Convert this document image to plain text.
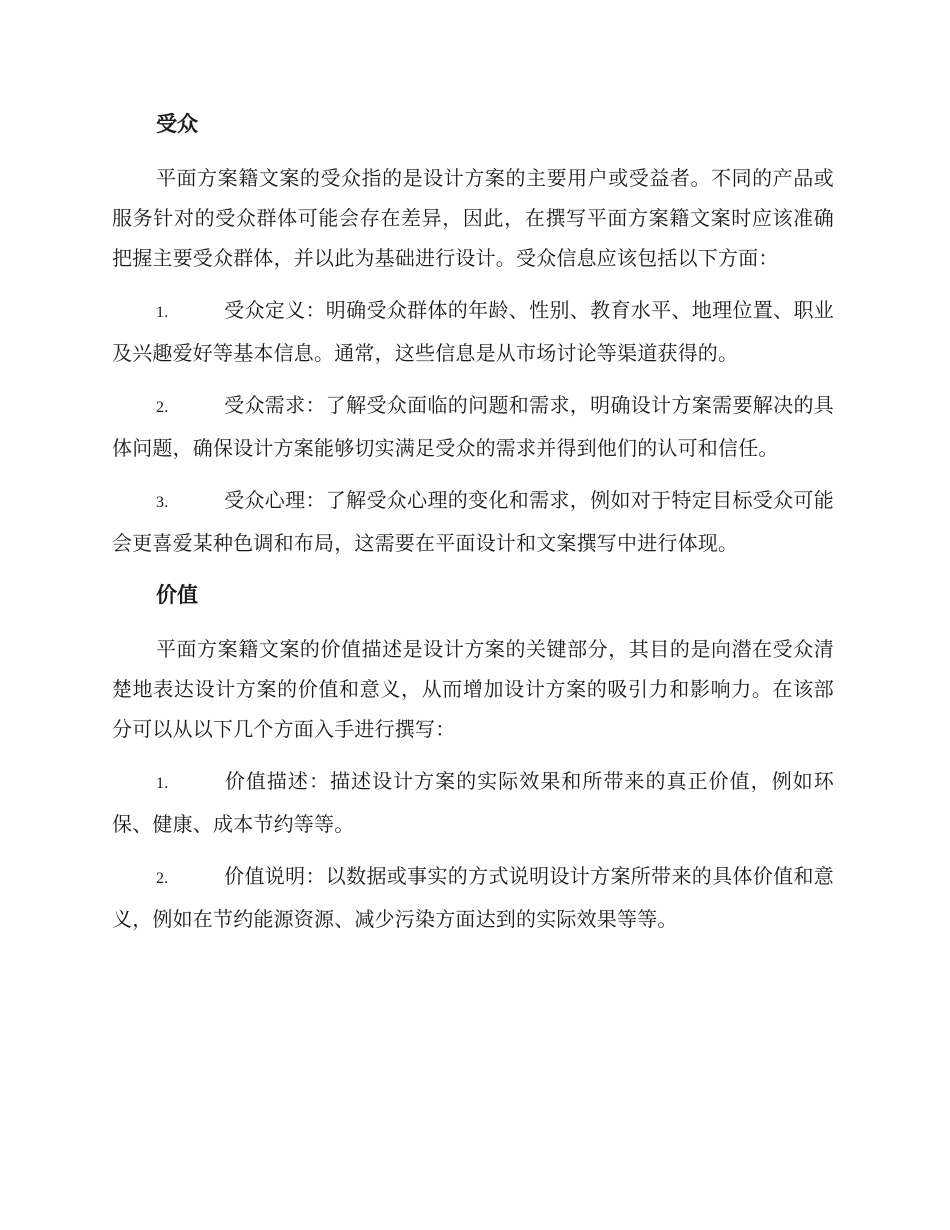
受众

平面方案籍文案的受众指的是设计方案的主要用户或受益者。不同的产品或服务针对的受众群体可能会存在差异，因此，在撰写平面方案籍文案时应该准确把握主要受众群体，并以此为基础进行设计。受众信息应该包括以下方面：

1.	受众定义：明确受众群体的年龄、性别、教育水平、地理位置、职业及兴趣爱好等基本信息。通常，这些信息是从市场讨论等渠道获得的。

2.	受众需求：了解受众面临的问题和需求，明确设计方案需要解决的具体问题，确保设计方案能够切实满足受众的需求并得到他们的认可和信任。

3.	受众心理：了解受众心理的变化和需求，例如对于特定目标受众可能会更喜爱某种色调和布局，这需要在平面设计和文案撰写中进行体现。

价值

平面方案籍文案的价值描述是设计方案的关键部分，其目的是向潜在受众清楚地表达设计方案的价值和意义，从而增加设计方案的吸引力和影响力。在该部分可以从以下几个方面入手进行撰写：

1.	价值描述：描述设计方案的实际效果和所带来的真正价值，例如环保、健康、成本节约等等。

2.	价值说明：以数据或事实的方式说明设计方案所带来的具体价值和意义，例如在节约能源资源、减少污染方面达到的实际效果等等。
